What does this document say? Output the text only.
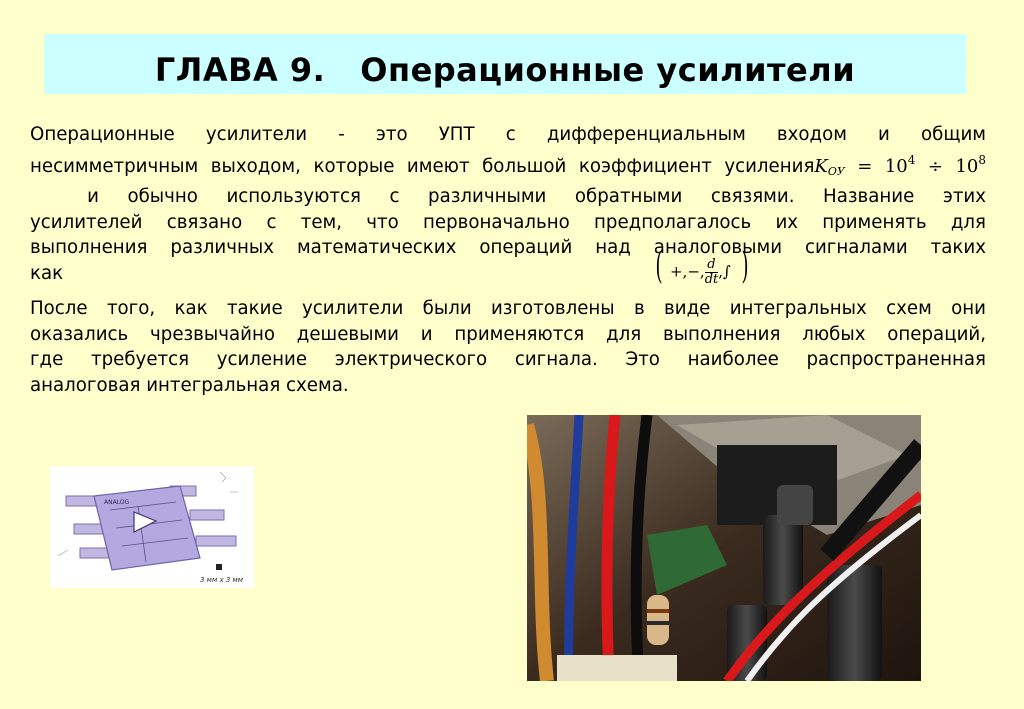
ГЛАВА 9.   Операционные усилители
Операционные усилители - это УПТ с дифференциальным входом и общим
несимметричным выходом, которые имеют большой коэффициент усиленияK$_{ОУ}$ = $10^4 \div 10^8$
и обычно используются с различными обратными связями. Название этих
усилителей связано с тем, что первоначально предполагалось их применять для
выполнения различных математических операций над аналоговыми сигналами таких
как	( +,−, $\frac{d}{dt}$ ,∫ )
После того, как такие усилители были изготовлены в виде интегральных схем они
оказались чрезвычайно дешевыми и применяются для выполнения любых операций,
где требуется усиление электрического сигнала. Это наиболее распространенная
аналоговая интегральная схема.
ANALOG
3 мм х 3 мм
